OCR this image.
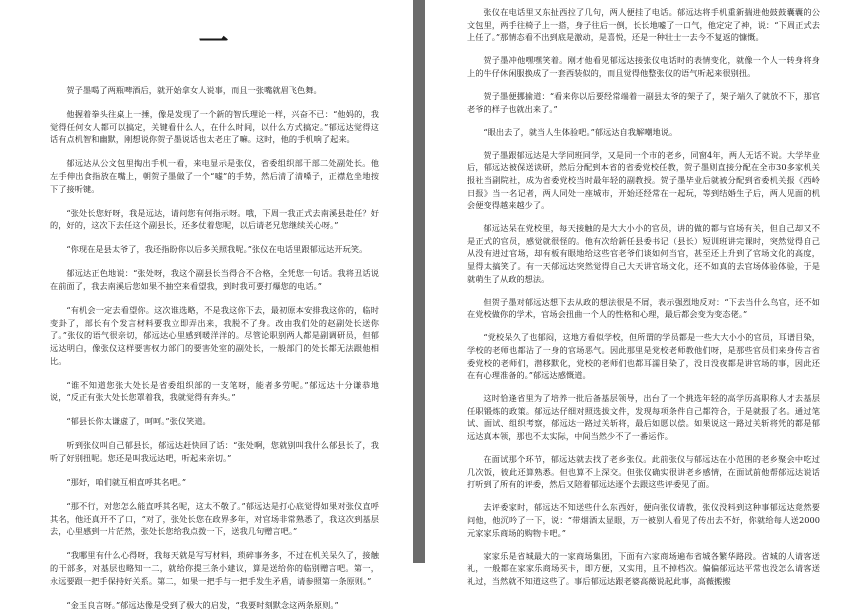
一

贺子墨喝了两瓶啤酒后，就开始拿女人说事，而且一张嘴就眉飞色舞。

他握着拳头往桌上一捶，像是发现了一个新的智氏理论一样，兴奋不已：“他妈的，我觉得任何女人都可以搞定，关键看什么人，在什么时间，以什么方式搞定。”郁远达觉得这话有点机智和幽默，刚想说你贺子墨说话也太老庄了嘛。这时，他的手机响了起来。

郁远达从公文包里掏出手机一看，来电显示是张仪，省委组织部干部二处副处长。他左手伸出食指放在嘴上，朝贺子墨做了一个“嘘”的手势，然后清了清嗓子，正襟危坐地按下了接听键。

“张处长您好呀，我是远达，请问您有何指示呀。哦，下周一我正式去南溪县赴任？好的，好的，这次下去任这个副县长，还多仗着您呢，以后请老兄您继续关心呀。”

“你现在是县太爷了，我还指盼你以后多关照我呢。”张仪在电话里跟郁远达开玩笑。

郁远达正色地说：“张处呀，我这个副县长当得合不合格，全凭您一句话。我将丑话说在前面了，我去南溪后您如果不抽空来看望我，到时我可要打爆您的电话。”

“有机会一定去看望你。这次谁选略，不是我这你下去，最初原本安排我这你的，临时变卦了，部长有个发言材料要我立即弄出来，我脱不了身。改由我们处的赵副处长送你了。”张仪的语气很亲切，郁远达心里感到暖洋洋的。尽管论职别两人都是副调研员，但郁远达明白，像张仪这样要害权力部门的要害处室的副处长，一般部门的处长都无法跟他相比。

“谁不知道您张大处长是省委组织部的一支笔呀，能者多劳呢。”郁远达十分谦恭地说，“反正有张大处长您罩着我，我就觉得有奔头。”

“郁县长你太谦虚了，呵呵。”张仪笑道。

听到张仪叫自己郁县长，郁远达赶快回了话：“张处啊，您就别叫我什么郁县长了，我听了好别扭呢。您还是叫我远达吧，听起来亲切。”

“那好，咱们就互相直呼其名吧。”

“那不行，对您怎么能直呼其名呢，这太不敬了。”郁远达是打心底觉得如果对张仪直呼其名，他还真开不了口，“对了，张处长您在政界多年，对官场非常熟悉了，我这次到基层去，心里感到一片茫然，张处长您给我点拨一下，送我几句赠言吧。”

“我哪里有什么心得呀，我每天就是写写材料，琐碎事务多，不过在机关呆久了，接触的干部多，对基层也略知一二，就给你提三条小建议，算是送给你的临别赠言吧。第一，永远要跟一把手保持好关系。第二，如果一把手与一把手发生矛盾，请参照第一条原则。”

“金玉良言呀。”郁远达像是受到了极大的启发，“我要时刻默念这两条原则。”

张仪在电话里又东扯西拉了几句，两人便挂了电话。郁远达将手机重新揣进他鼓鼓囊囊的公文包里，两手往椅子上一搭，身子往后一倒，长长地嘘了一口气，他定定了神，说：“下周正式去上任了。”那情态看不出到底是激动，是喜悦，还是一种壮士一去今不复返的慷慨。

贺子墨冲他嘿嘿笑着。刚才他看见郁远达接张仪电话时的表情变化，就像一个人一转身将身上的牛仔休闲服换成了一套西装似的，而且觉得他整张仪的语气听起来很别扭。

贺子墨便挪揄道：“看来你以后要经常端着一副县太爷的架子了，架子端久了就放不下，那官老爷的样子也就出来了。”

“眼出去了，就当人生体验吧。”郁远达自我解嘲地说。

贺子墨跟郁远达是大学同班同学，又是同一个市的老乡，同窗4年，两人无话不说。大学毕业后，郁远达被保送读研，然后分配到本省的省委党校任教，贺子墨则直接分配在全市30多家机关报社当副院社，成为省委党校当时最年轻的副教授。贺子墨毕业后就被分配到省委机关报《西岭日报》当一名记者，两人同处一座城市，开始还经常在一起玩，等到结婚生子后，两人见面的机会便变得越来越少了。

郁远达呆在党校里，每天接触的是大大小小的官员，讲的做的都与官场有关，但自己却又不是正式的官员，感觉就很怪的。他有次给新任县委书记（县长）短训班讲完课时，突然觉得自己从没有进过官场，却有板有眼地给这些官老爷们谈如何当官，甚至还上升到了官场文化的高度，显得太搞笑了。有一天郁远达突然觉得自己大天讲官场文化，还不如真的去官场体验体验，于是就萌生了从政的想法。

但贺子墨对郁远达想下去从政的想法很是不屑，表示强烈地反对：“下去当什么鸟官，还不如在党校做你的学术，官场会扭曲一个人的性格和心理，最后都会变为变态佬。”

“党校呆久了也郁闷，这地方看似学校，但所谓的学员都是一些大大小小的官员，耳谱目染，学校的老师也都沾了一身的官场恶气。因此那里是党校老师教他们呀，是那些官员们来身传言省委党校的老师们，潜移默化，党校的老师们也都耳濡目染了，没日没夜都是讲官场的事，因此还在有心理准备的。”郁远达感慨道。

这时恰逢省里为了培养一批后备基层领导，出台了一个挑选年轻的高学历高职称人才去基层任职锻炼的政策。郁远达仔细对照选拔文件，发现每项条件自己都符合，于是就报了名。通过笔试、面试、组织考察，郁远达一路过关斩将，最后如愿以偿。如果说这一路过关斩将凭的都是郁远达真本领，那也不太实际，中间当然少不了一番运作。

在面试那个环节，郁远达就去找了老乡张仪。此前张仪与郁远达在小范围的老乡聚会中吃过几次饭，彼此还算熟悉。但也算不上深交。但张仪确实很讲老乡感情，在面试前他帮郁远达说话打听到了所有的评委，然后又陪着郁远达逐个去跟这些评委见了面。

去评委家时，郁远达不知送些什么东西好，便向张仪请教，张仪没料到这种事郁远达竟然要问他，他沉吟了一下，说：“带烟酒太显眼，万一被别人看见了传出去不好，你就给每人送2000元家家乐商场的购物卡吧。”

家家乐是省城最大的一家商场集团，下面有六家商场遍布省城各繁华路段。省城的人请客送礼，一般都在家家乐商场买卡，即方便，又实用，且不掉档次。偏偏郁远达平常也没怎么请客送礼过，当然就不知道这些了。事后郁远达跟老婆高薇说起此事，高薇搬搬
